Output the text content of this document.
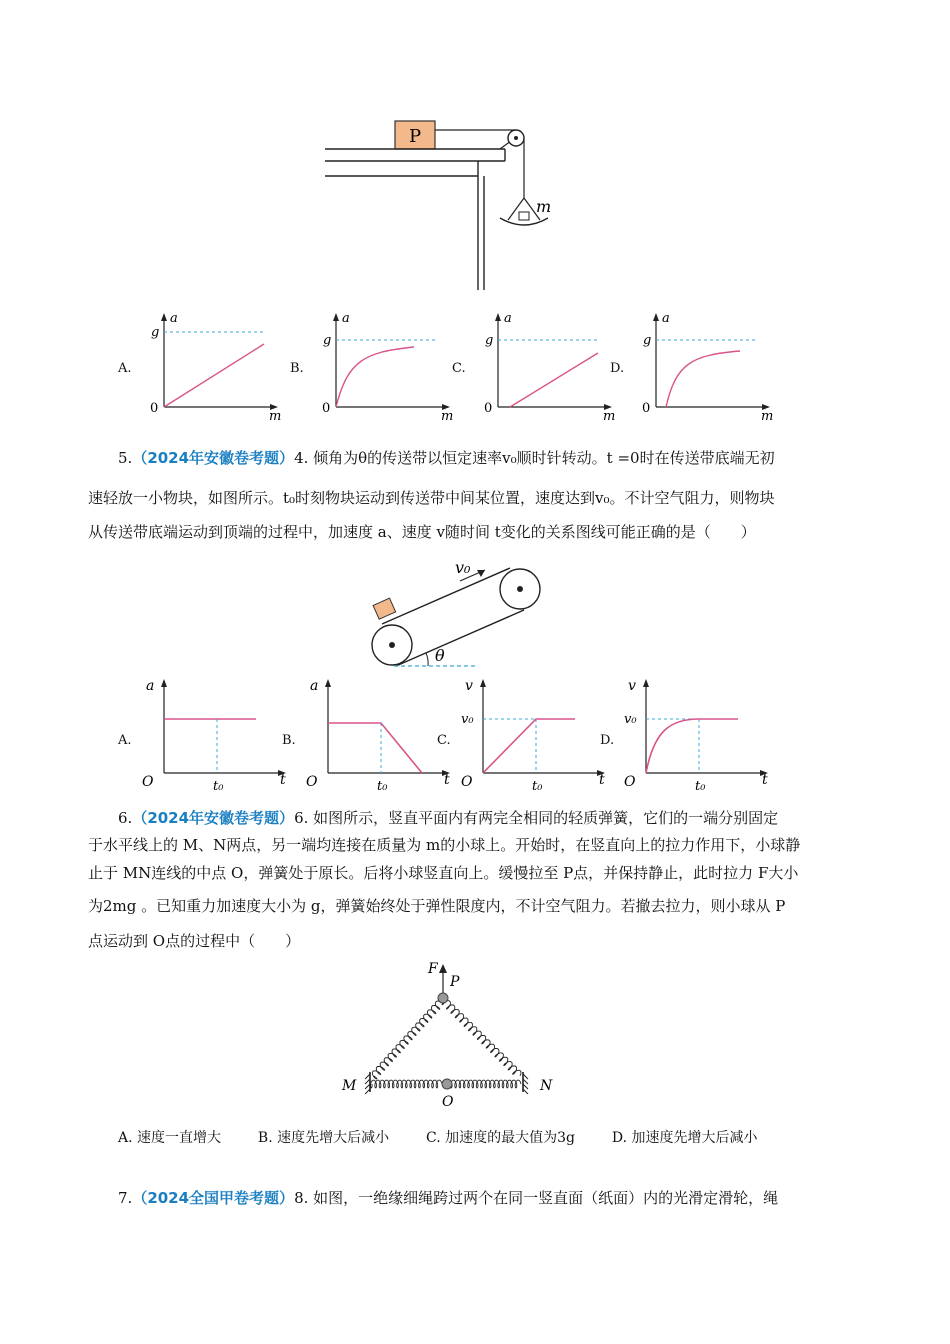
P
m
A.
a
m
0
g
B.
a
m
0
g
C.
a
m
0
g
D.
a
m
0
g
5.（2024年安徽卷考题）4. 倾角为θ的传送带以恒定速率v₀顺时针转动。t =0时在传送带底端无初
速轻放一小物块，如图所示。t₀时刻物块运动到传送带中间某位置，速度达到v₀。不计空气阻力，则物块
从传送带底端运动到顶端的过程中，加速度 a、速度 v随时间 t变化的关系图线可能正确的是（　　）
v₀
θ
A.
a
t
O	t₀
B.
a
t
O	t₀
C.
v
t
O	t₀
v₀
D.
v
t
O	t₀
v₀
6.（2024年安徽卷考题）6. 如图所示，竖直平面内有两完全相同的轻质弹簧，它们的一端分别固定
于水平线上的 M、N两点，另一端均连接在质量为 m的小球上。开始时，在竖直向上的拉力作用下，小球静
止于 MN连线的中点 O，弹簧处于原长。后将小球竖直向上。缓慢拉至 P点，并保持静止，此时拉力 F大小
为2mg 。已知重力加速度大小为 g，弹簧始终处于弹性限度内，不计空气阻力。若撤去拉力，则小球从 P
点运动到 O点的过程中（　　）
F
P
M	N
O
A. 速度一直增大	B. 速度先增大后减小	C. 加速度的最大值为3g	D. 加速度先增大后减小
7.（2024全国甲卷考题）8. 如图，一绝缘细绳跨过两个在同一竖直面（纸面）内的光滑定滑轮，绳
